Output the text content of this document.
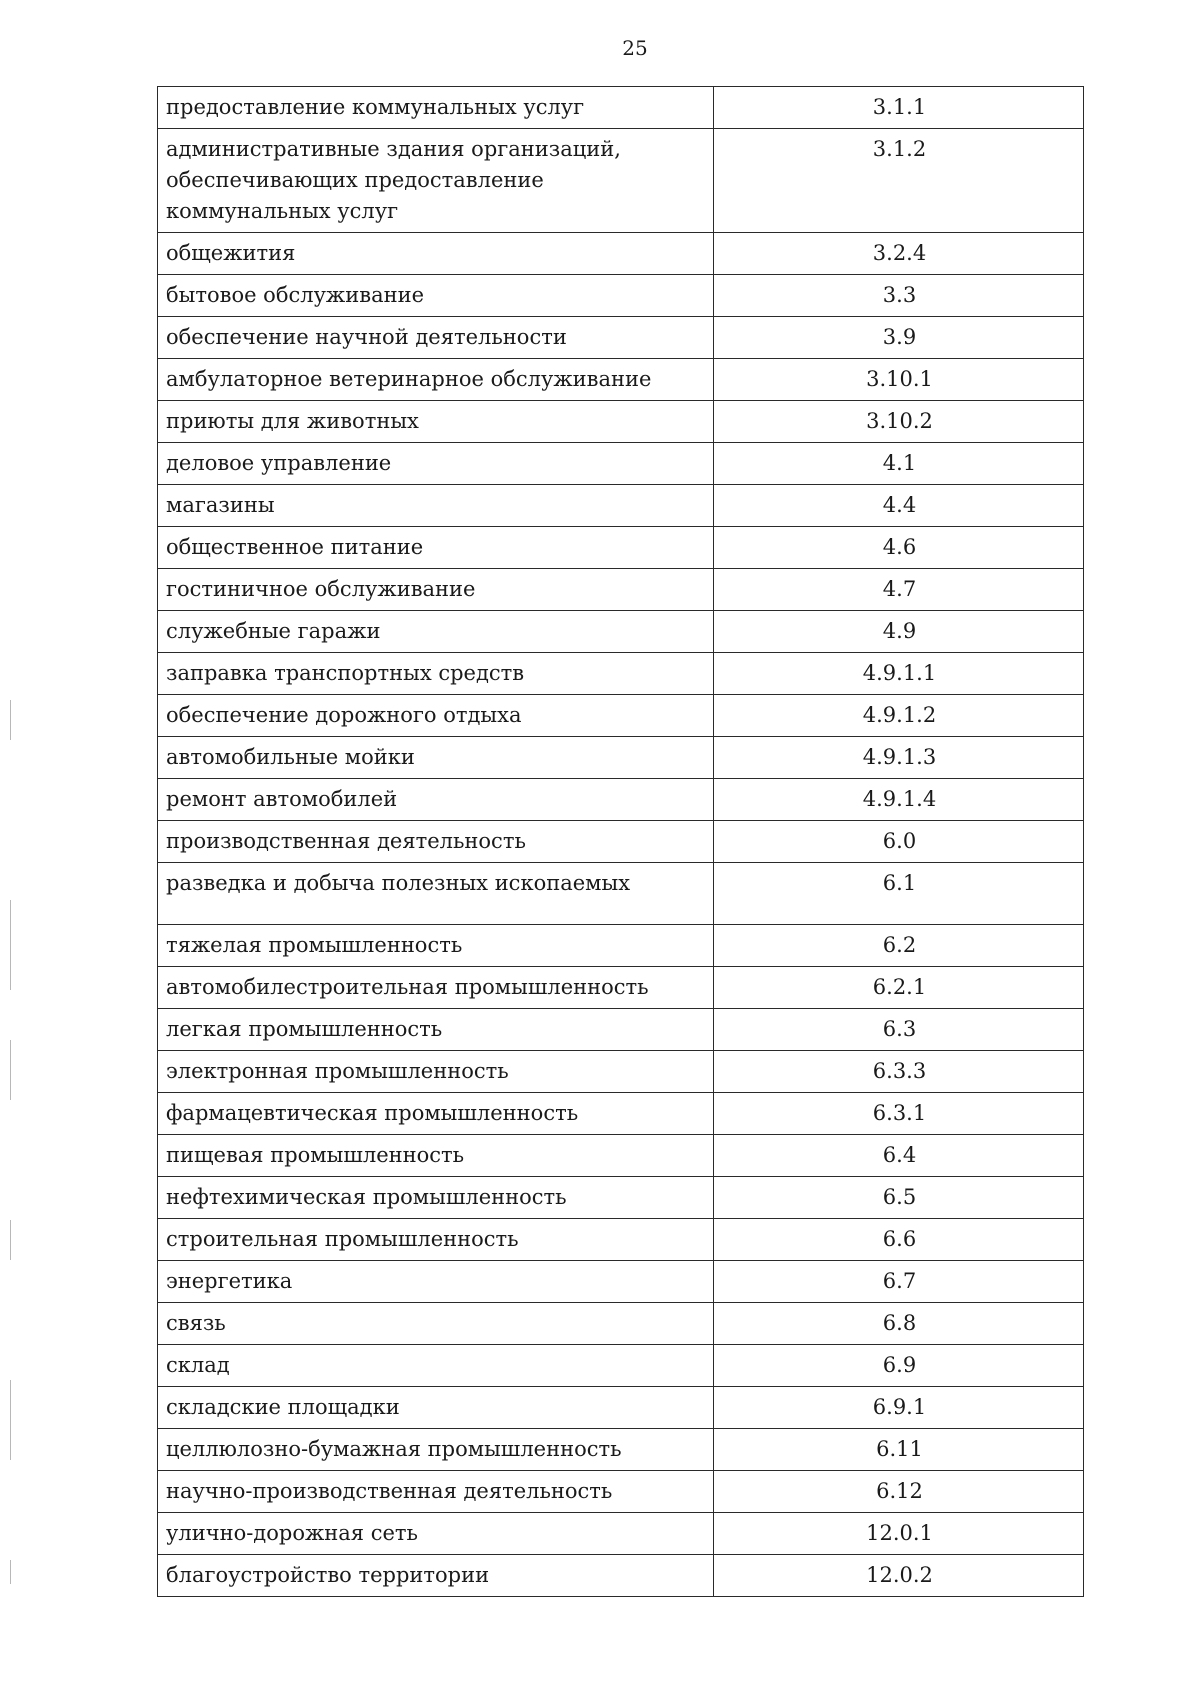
25
предоставление коммунальных услуг	3.1.1
административные здания организаций, обеспечивающих предоставление коммунальных услуг	3.1.2
общежития	3.2.4
бытовое обслуживание	3.3
обеспечение научной деятельности	3.9
амбулаторное ветеринарное обслуживание	3.10.1
приюты для животных	3.10.2
деловое управление	4.1
магазины	4.4
общественное питание	4.6
гостиничное обслуживание	4.7
служебные гаражи	4.9
заправка транспортных средств	4.9.1.1
обеспечение дорожного отдыха	4.9.1.2
автомобильные мойки	4.9.1.3
ремонт автомобилей	4.9.1.4
производственная деятельность	6.0
разведка и добыча полезных ископаемых	6.1
тяжелая промышленность	6.2
автомобилестроительная промышленность	6.2.1
легкая промышленность	6.3
электронная промышленность	6.3.3
фармацевтическая промышленность	6.3.1
пищевая промышленность	6.4
нефтехимическая промышленность	6.5
строительная промышленность	6.6
энергетика	6.7
связь	6.8
склад	6.9
складские площадки	6.9.1
целлюлозно-бумажная промышленность	6.11
научно-производственная деятельность	6.12
улично-дорожная сеть	12.0.1
благоустройство территории	12.0.2
